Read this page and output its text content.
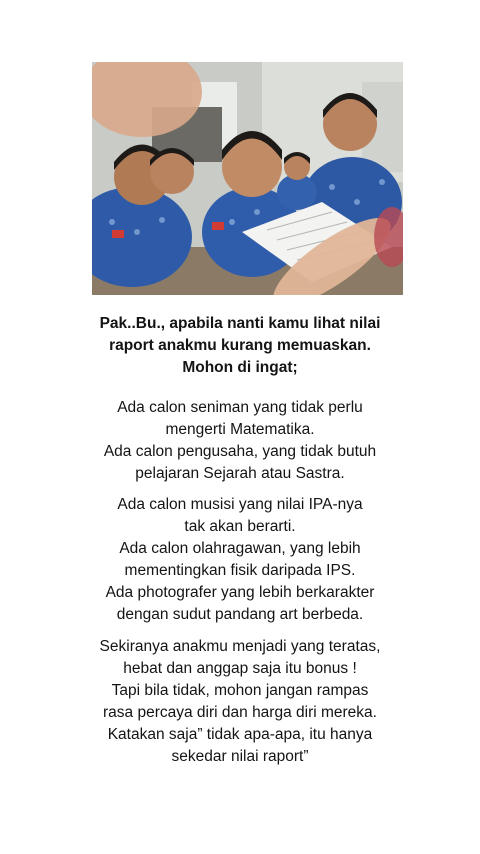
Pak..Bu., apabila nanti kamu lihat nilai
raport anakmu kurang memuaskan.
Mohon di ingat;
Ada calon seniman yang tidak perlu
mengerti Matematika.
Ada calon pengusaha, yang tidak butuh
pelajaran Sejarah atau Sastra.
Ada calon musisi yang nilai IPA-nya
tak akan berarti.
Ada calon olahragawan, yang lebih
mementingkan fisik daripada IPS.
Ada photografer yang lebih berkarakter
dengan sudut pandang art berbeda.
Sekiranya anakmu menjadi yang teratas,
hebat dan anggap saja itu bonus !
Tapi bila tidak, mohon jangan rampas
rasa percaya diri dan harga diri mereka.
Katakan saja” tidak apa-apa, itu hanya
sekedar nilai raport”
